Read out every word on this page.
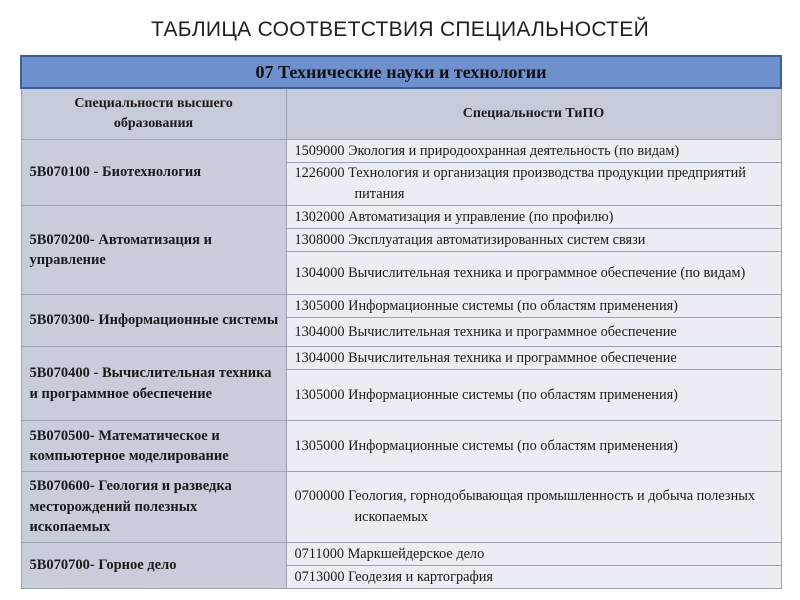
ТАБЛИЦА СООТВЕТСТВИЯ СПЕЦИАЛЬНОСТЕЙ
07 Технические науки и технологии	
Специальности высшего образования	Специальности ТиПО
5В070100 - Биотехнология	1509000 Экология и природоохранная деятельность (по видам)
	1226000 Технология и организация производства продукции предприятий питания
5В070200- Автоматизация и управление	1302000 Автоматизация и управление (по профилю)
	1308000 Эксплуатация автоматизированных систем связи
	1304000 Вычислительная техника и программное обеспечение (по видам)
5В070300- Информационные системы	1305000 Информационные системы (по областям применения)
	1304000 Вычислительная техника и программное обеспечение
5В070400 - Вычислительная техника и программное обеспечение	1304000 Вычислительная техника и программное обеспечение
	1305000 Информационные системы (по областям применения)
5В070500- Математическое и компьютерное моделирование	1305000 Информационные системы (по областям применения)
5В070600- Геология и разведка месторождений полезных ископаемых	0700000 Геология, горнодобывающая промышленность и добыча полезных ископаемых
5В070700- Горное дело	0711000 Маркшейдерское дело
	0713000 Геодезия и картография
